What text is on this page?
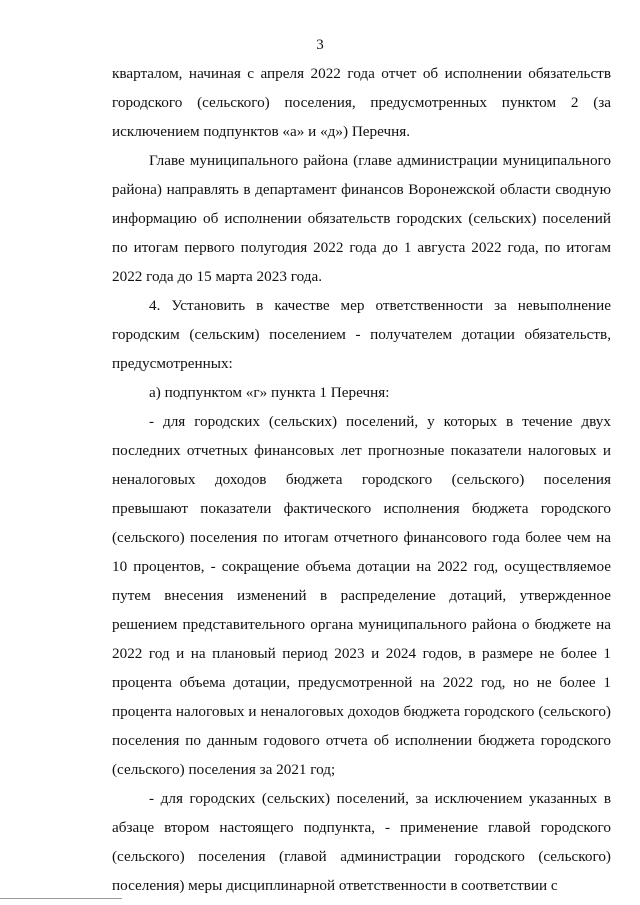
3

кварталом, начиная с апреля 2022 года отчет об исполнении обязательств городского (сельского) поселения, предусмотренных пунктом 2 (за исключением подпунктов «а» и «д») Перечня.

Главе муниципального района (главе администрации муниципального района) направлять в департамент финансов Воронежской области сводную информацию об исполнении обязательств городских (сельских) поселений по итогам первого полугодия 2022 года до 1 августа 2022 года, по итогам 2022 года до 15 марта 2023 года.

4. Установить в качестве мер ответственности за невыполнение городским (сельским) поселением - получателем дотации обязательств, предусмотренных:

а) подпунктом «г» пункта 1 Перечня:

- для городских (сельских) поселений, у которых в течение двух последних отчетных финансовых лет прогнозные показатели налоговых и неналоговых доходов бюджета городского (сельского) поселения превышают показатели фактического исполнения бюджета городского (сельского) поселения по итогам отчетного финансового года более чем на 10 процентов, - сокращение объема дотации на 2022 год, осуществляемое путем внесения изменений в распределение дотаций, утвержденное решением представительного органа муниципального района о бюджете на 2022 год и на плановый период 2023 и 2024 годов, в размере не более 1 процента объема дотации, предусмотренной на 2022 год, но не более 1 процента налоговых и неналоговых доходов бюджета городского (сельского) поселения по данным годового отчета об исполнении бюджета городского (сельского) поселения за 2021 год;

- для городских (сельских) поселений, за исключением указанных в абзаце втором настоящего подпункта, - применение главой городского (сельского) поселения (главой администрации городского (сельского) поселения) меры дисциплинарной ответственности в соответствии с
